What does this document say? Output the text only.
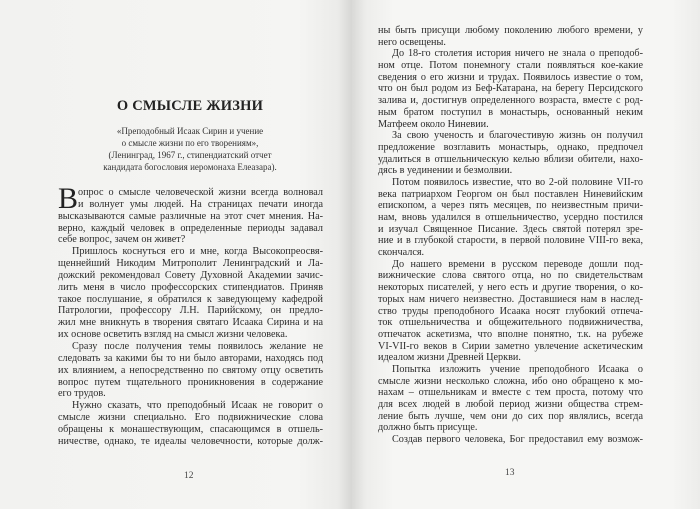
О СМЫСЛЕ ЖИЗНИ
«Преподобный Исаак Сирин и учение
о смысле жизни по его творениям»,
(Ленинград, 1967 г., стипендиатский отчет
кандидата богословия иеромонаха Елеазара).
В опрос о смысле человеческой жизни всегда волновал
и волнует умы людей. На страницах печати иногда
высказываются самые различные на этот счет мнения. На-
верно, каждый человек в определенные периоды задавал
себе вопрос, зачем он живет?
Пришлось коснуться его и мне, когда Высокопреосвя-
щеннейший Никодим Митрополит Ленинградский и Ла-
дожский рекомендовал Совету Духовной Академии зачис-
лить меня в число профессорских стипендиатов. Приняв
такое послушание, я обратился к заведующему кафедрой
Патрологии, профессору Л.Н. Парийскому, он предло-
жил мне вникнуть в творения святаго Исаака Сирина и на
их основе осветить взгляд на смысл жизни человека.
Сразу после получения темы появилось желание не
следовать за какими бы то ни было авторами, находясь под
их влиянием, а непосредственно по святому отцу осветить
вопрос путем тщательного проникновения в содержание
его трудов.
Нужно сказать, что преподобный Исаак не говорит о
смысле жизни специально. Его подвижнические слова
обращены к монашествующим, спасающимся в отшель-
ничестве, однако, те идеалы человечности, которые долж-
12
ны быть присущи любому поколению любого времени, у
него освещены.
До 18-го столетия история ничего не знала о преподоб-
ном отце. Потом понемногу стали появляться кое-какие
сведения о его жизни и трудах. Появилось известие о том,
что он был родом из Беф-Катарана, на берегу Персидского
залива и, достигнув определенного возраста, вместе с род-
ным братом поступил в монастырь, основанный неким
Матфеем около Ниневии.
За свою ученость и благочестивую жизнь он получил
предложение возглавить монастырь, однако, предпочел
удалиться в отшельническую келью вблизи обители, нахо-
дясь в уединении и безмолвии.
Потом появилось известие, что во 2-ой половине VII-го
века патриархом Георгом он был поставлен Ниневийским
епископом, а через пять месяцев, по неизвестным причи-
нам, вновь удалился в отшельничество, усердно постился
и изучал Священное Писание. Здесь святой потерял зре-
ние и в глубокой старости, в первой половине VIII-го века,
скончался.
До нашего времени в русском переводе дошли под-
вижнические слова святого отца, но по свидетельствам
некоторых писателей, у него есть и другие творения, о ко-
торых нам ничего неизвестно. Доставшиеся нам в наслед-
ство труды преподобного Исаака носят глубокий отпеча-
ток отшельничества и общежительного подвижничества,
отпечаток аскетизма, что вполне понятно, т.к. на рубеже
VI-VII-го веков в Сирии заметно увлечение аскетическим
идеалом жизни Древней Церкви.
Попытка изложить учение преподобного Исаака о
смысле жизни несколько сложна, ибо оно обращено к мо-
нахам – отшельникам и вместе с тем проста, потому что
для всех людей в любой период жизни общества стрем-
ление быть лучше, чем они до сих пор являлись, всегда
должно быть присуще.
Создав первого человека, Бог предоставил ему возмож-
13
